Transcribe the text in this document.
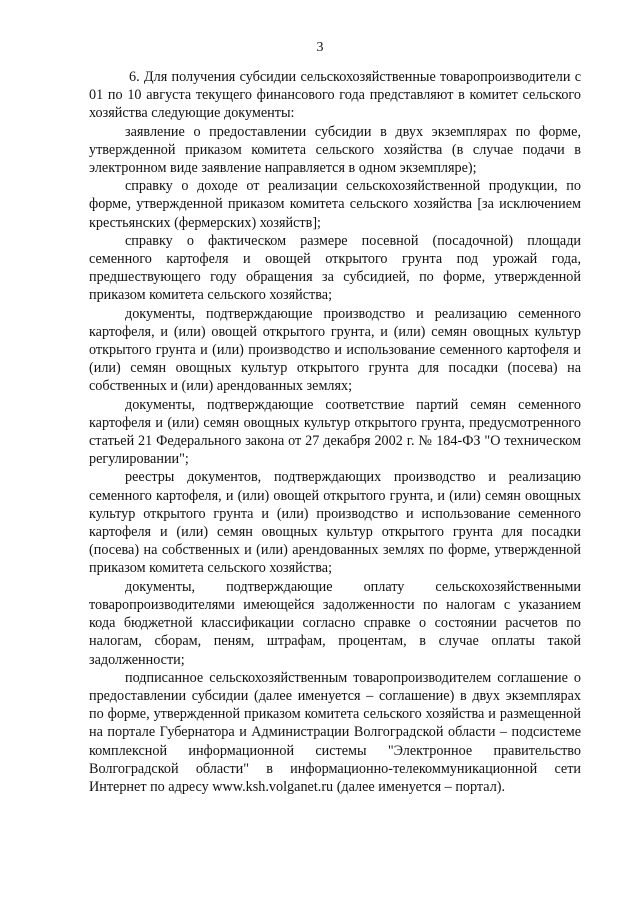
3

6. Для получения субсидии сельскохозяйственные товаропроизводители с 01 по 10 августа текущего финансового года представляют в комитет сельского хозяйства следующие документы:

заявление о предоставлении субсидии в двух экземплярах по форме, утвержденной приказом комитета сельского хозяйства (в случае подачи в электронном виде заявление направляется в одном экземпляре);

справку о доходе от реализации сельскохозяйственной продукции, по форме, утвержденной приказом комитета сельского хозяйства [за исключением крестьянских (фермерских) хозяйств];

справку о фактическом размере посевной (посадочной) площади семенного картофеля и овощей открытого грунта под урожай года, предшествующего году обращения за субсидией, по форме, утвержденной приказом комитета сельского хозяйства;

документы, подтверждающие производство и реализацию семенного картофеля, и (или) овощей открытого грунта, и (или) семян овощных культур открытого грунта и (или) производство и использование семенного картофеля и (или) семян овощных культур открытого грунта для посадки (посева) на собственных и (или) арендованных землях;

документы, подтверждающие соответствие партий семян семенного картофеля и (или) семян овощных культур открытого грунта, предусмотренного статьей 21 Федерального закона от 27 декабря 2002 г. № 184-ФЗ "О техническом регулировании";

реестры документов, подтверждающих производство и реализацию семенного картофеля, и (или) овощей открытого грунта, и (или) семян овощных культур открытого грунта и (или) производство и использование семенного картофеля и (или) семян овощных культур открытого грунта для посадки (посева) на собственных и (или) арендованных землях по форме, утвержденной приказом комитета сельского хозяйства;

документы, подтверждающие оплату сельскохозяйственными товаропроизводителями имеющейся задолженности по налогам с указанием кода бюджетной классификации согласно справке о состоянии расчетов по налогам, сборам, пеням, штрафам, процентам, в случае оплаты такой задолженности;

подписанное сельскохозяйственным товаропроизводителем соглашение о предоставлении субсидии (далее именуется – соглашение) в двух экземплярах по форме, утвержденной приказом комитета сельского хозяйства и размещенной на портале Губернатора и Администрации Волгоградской области – подсистеме комплексной информационной системы "Электронное правительство Волгоградской области" в информационно-телекоммуникационной сети Интернет по адресу www.ksh.volganet.ru (далее именуется – портал).
